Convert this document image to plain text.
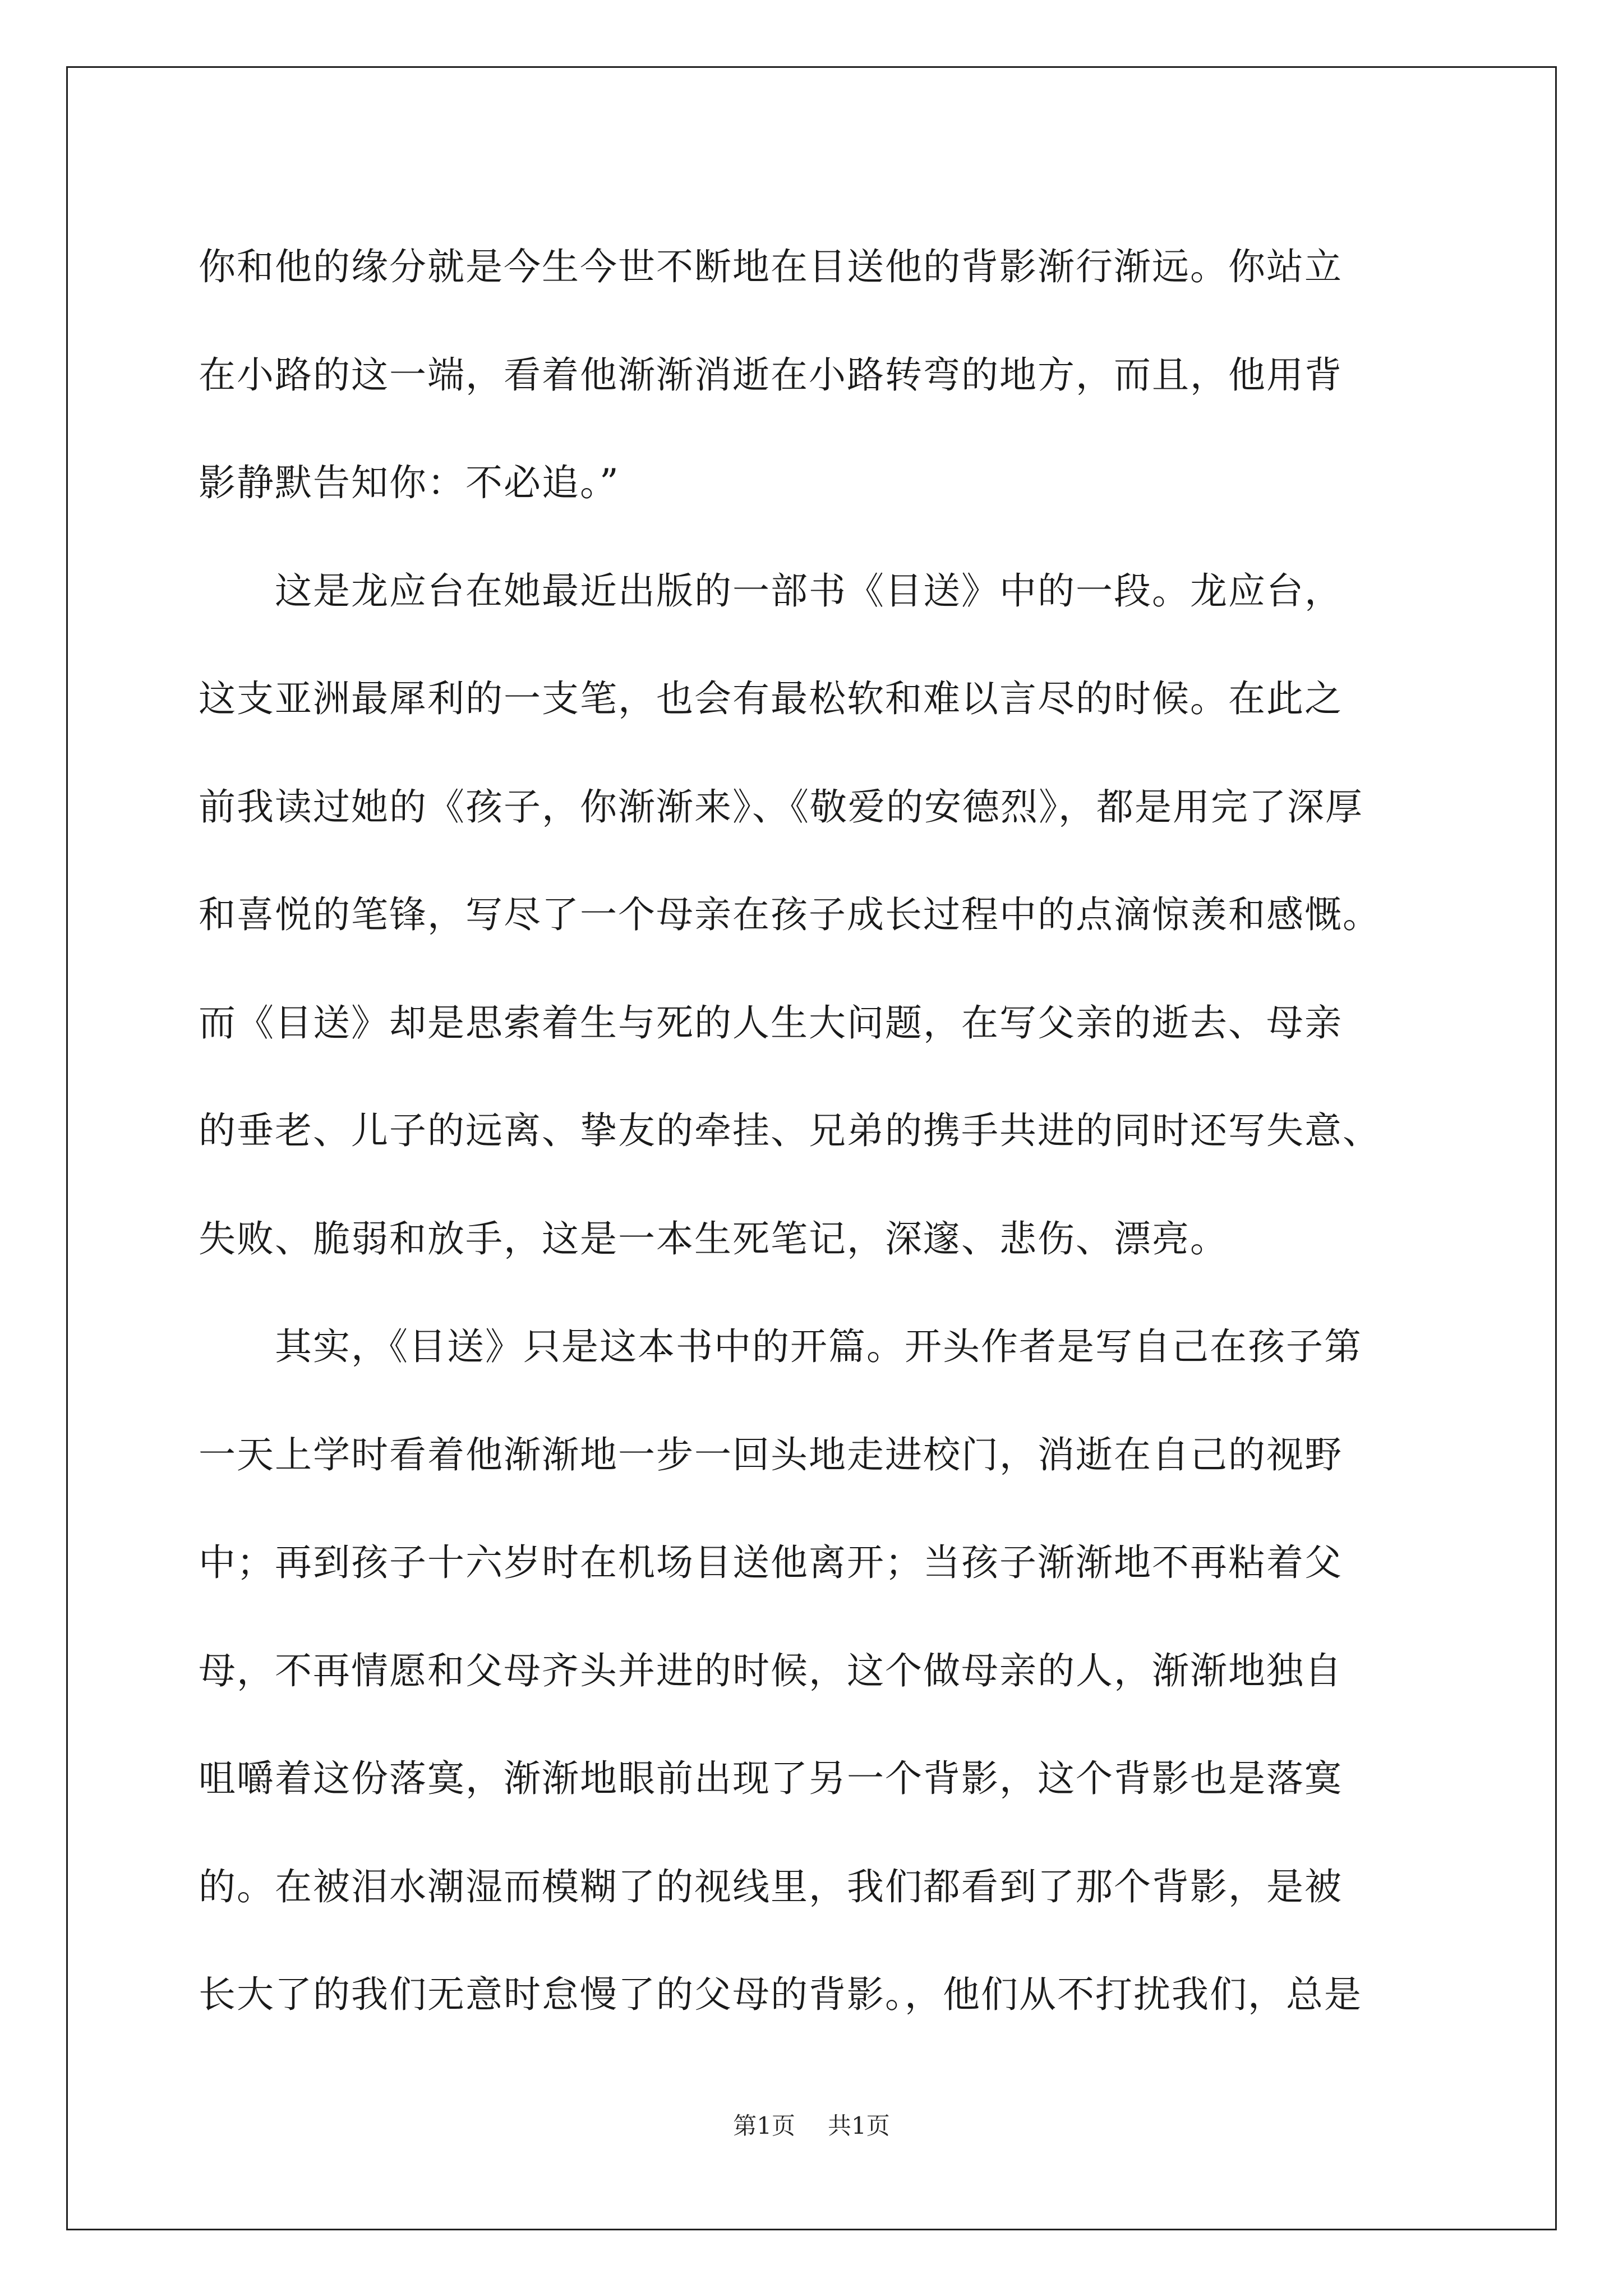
你和他的缘分就是今生今世不断地在目送他的背影渐行渐远。你站立
在小路的这一端，看着他渐渐消逝在小路转弯的地方，而且，他用背
影静默告知你：不必追。”
　　这是龙应台在她最近出版的一部书《目送》中的一段。龙应台，
这支亚洲最犀利的一支笔，也会有最松软和难以言尽的时候。在此之
前我读过她的《孩子，你渐渐来》、《敬爱的安德烈》，都是用完了深厚
和喜悦的笔锋，写尽了一个母亲在孩子成长过程中的点滴惊羡和感慨。
而《目送》却是思索着生与死的人生大问题，在写父亲的逝去、母亲
的垂老、儿子的远离、挚友的牵挂、兄弟的携手共进的同时还写失意、
失败、脆弱和放手，这是一本生死笔记，深邃、悲伤、漂亮。
　　其实，《目送》只是这本书中的开篇。开头作者是写自己在孩子第
一天上学时看着他渐渐地一步一回头地走进校门，消逝在自己的视野
中；再到孩子十六岁时在机场目送他离开；当孩子渐渐地不再粘着父
母，不再情愿和父母齐头并进的时候，这个做母亲的人，渐渐地独自
咀嚼着这份落寞，渐渐地眼前出现了另一个背影，这个背影也是落寞
的。在被泪水潮湿而模糊了的视线里，我们都看到了那个背影，是被
长大了的我们无意时怠慢了的父母的背影。，他们从不打扰我们，总是
第1页 共1页
